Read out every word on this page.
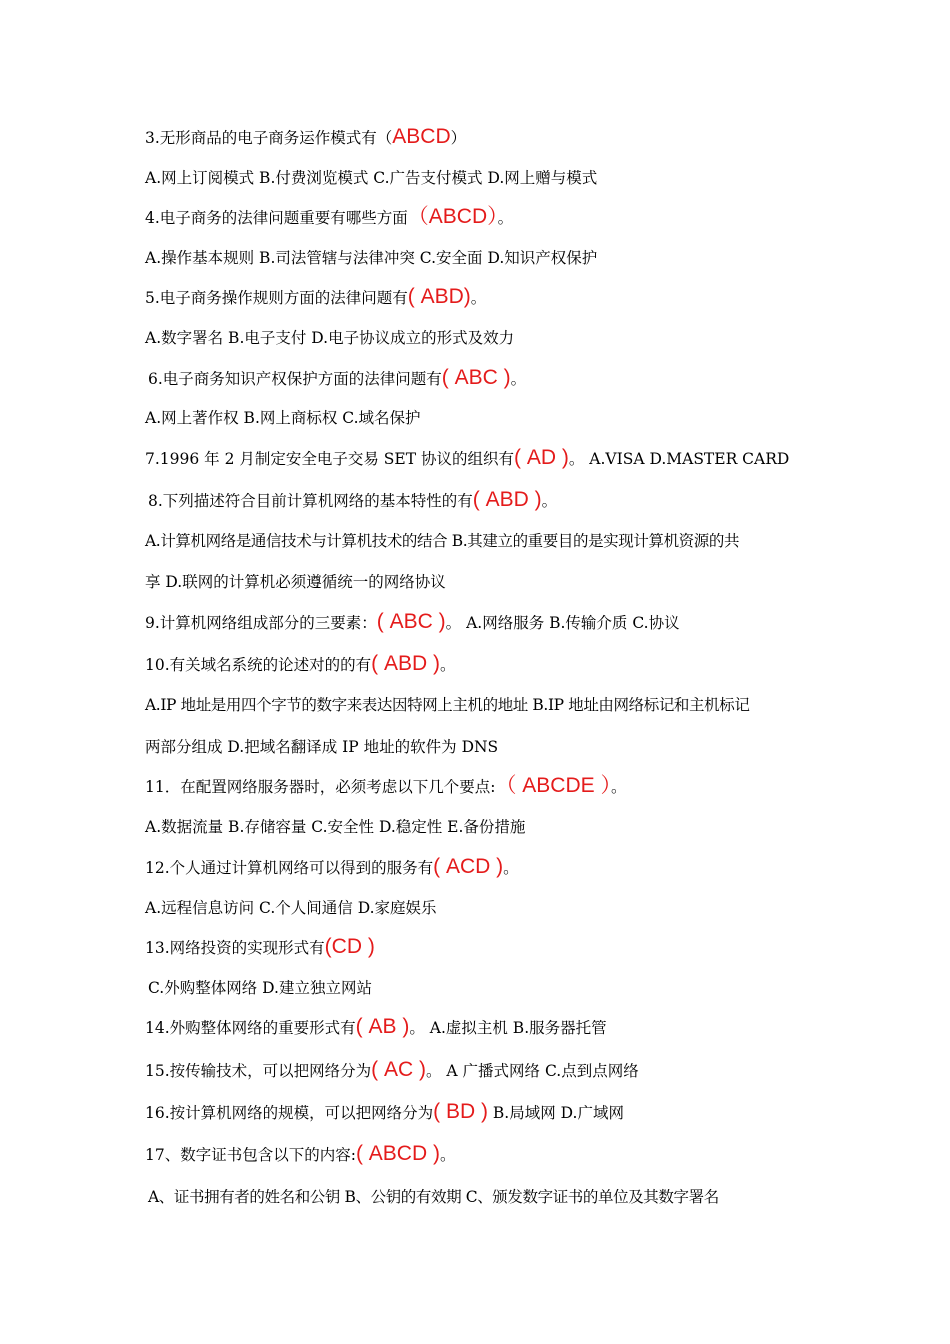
3.无形商品的电子商务运作模式有（ABCD）
A.网上订阅模式 B.付费浏览模式 C.广告支付模式 D.网上赠与模式
4.电子商务的法律问题重要有哪些方面（ABCD）。
A.操作基本规则 B.司法管辖与法律冲突 C.安全面 D.知识产权保护
5.电子商务操作规则方面的法律问题有( ABD)。
A.数字署名 B.电子支付 D.电子协议成立的形式及效力
6.电子商务知识产权保护方面的法律问题有( ABC )。
A.网上著作权 B.网上商标权 C.域名保护
7.1996 年 2 月制定安全电子交易 SET 协议的组织有( AD )。 A.VISA D.MASTER CARD
8.下列描述符合目前计算机网络的基本特性的有( ABD )。
A.计算机网络是通信技术与计算机技术的结合 B.其建立的重要目的是实现计算机资源的共
享 D.联网的计算机必须遵循统一的网络协议
9.计算机网络组成部分的三要素：( ABC )。 A.网络服务 B.传输介质 C.协议
10.有关域名系统的论述对的的有( ABD )。
A.IP 地址是用四个字节的数字来表达因特网上主机的地址 B.IP 地址由网络标记和主机标记
两部分组成 D.把域名翻译成 IP 地址的软件为 DNS
11．在配置网络服务器时，必须考虑以下几个要点:（ ABCDE ）。
A.数据流量 B.存储容量 C.安全性 D.稳定性 E.备份措施
12.个人通过计算机网络可以得到的服务有( ACD )。
A.远程信息访问 C.个人间通信 D.家庭娱乐
13.网络投资的实现形式有(CD )
C.外购整体网络 D.建立独立网站
14.外购整体网络的重要形式有( AB )。 A.虚拟主机 B.服务器托管
15.按传输技术，可以把网络分为( AC )。 A 广播式网络 C.点到点网络
16.按计算机网络的规模，可以把网络分为( BD ) B.局域网 D.广域网
17、数字证书包含以下的内容:( ABCD )。
A、证书拥有者的姓名和公钥 B、公钥的有效期 C、颁发数字证书的单位及其数字署名
